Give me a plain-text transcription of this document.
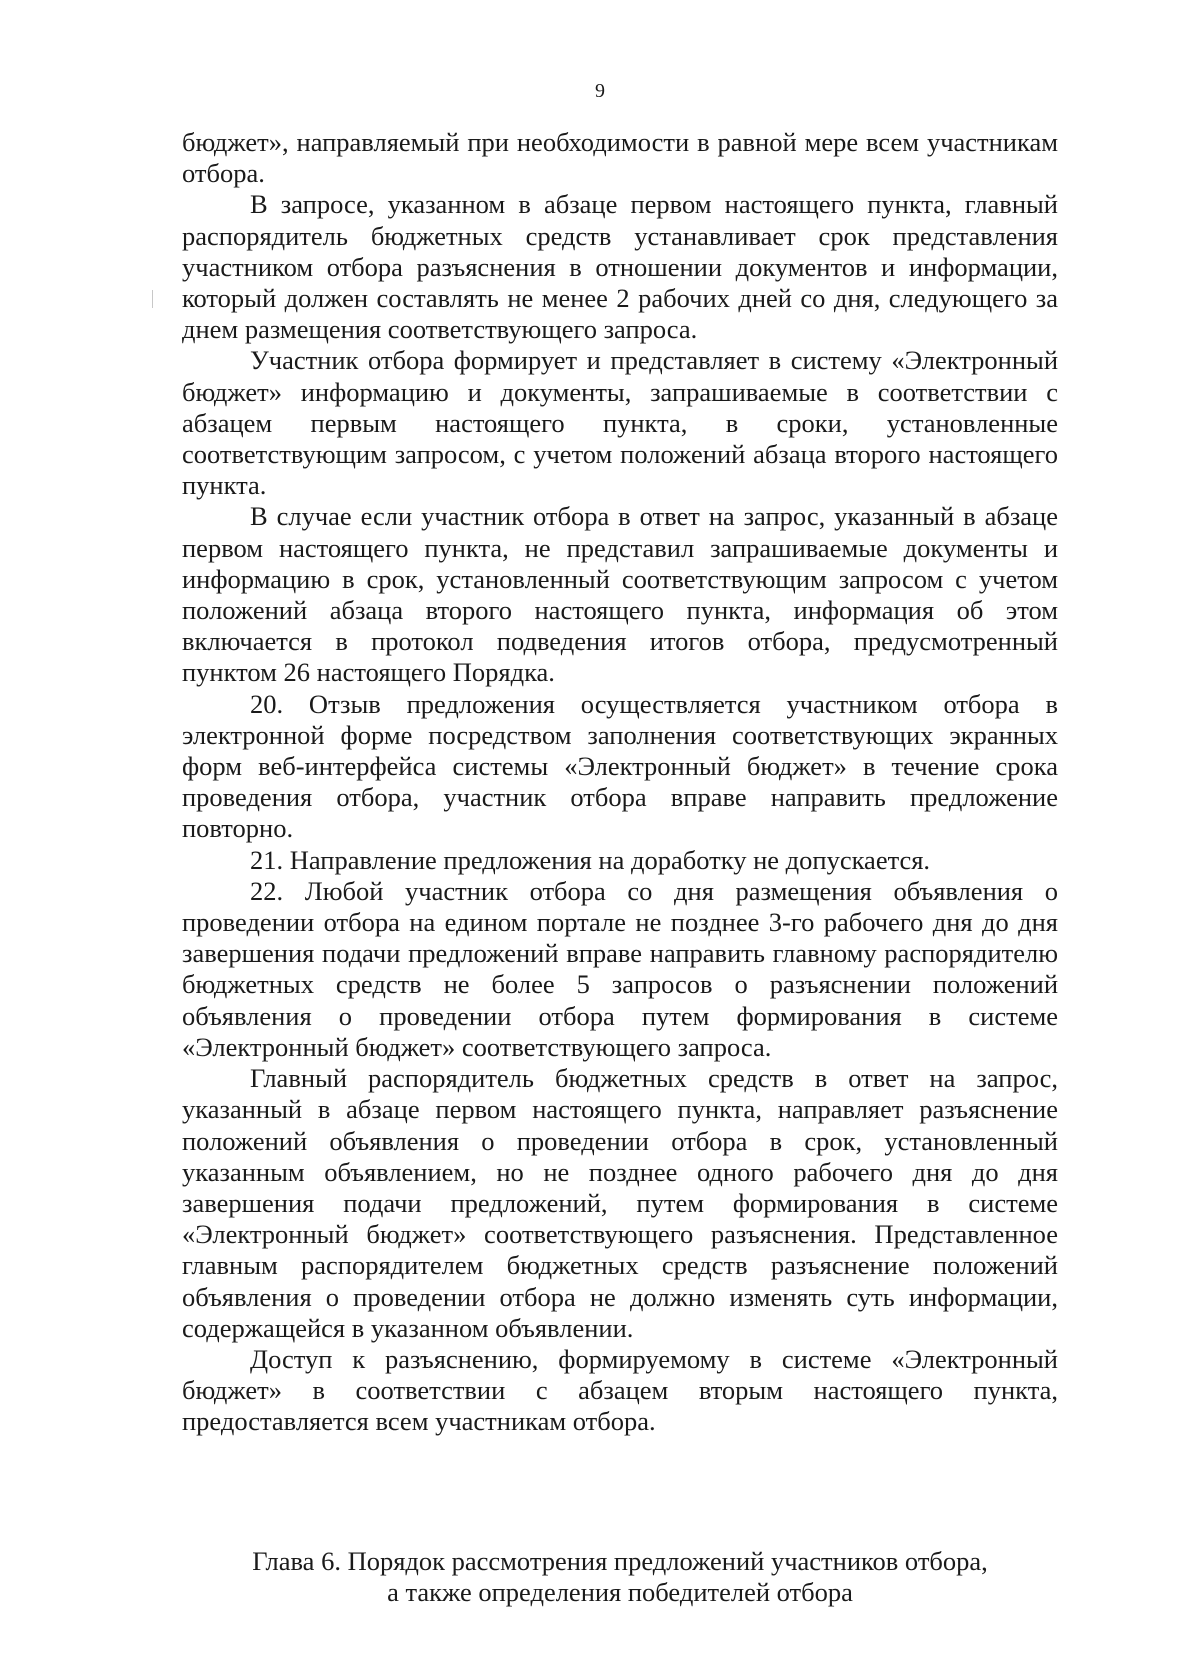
9

бюджет», направляемый при необходимости в равной мере всем участникам отбора.

В запросе, указанном в абзаце первом настоящего пункта, главный распорядитель бюджетных средств устанавливает срок представления участником отбора разъяснения в отношении документов и информации, который должен составлять не менее 2 рабочих дней со дня, следующего за днем размещения соответствующего запроса.

Участник отбора формирует и представляет в систему «Электронный бюджет» информацию и документы, запрашиваемые в соответствии с абзацем первым настоящего пункта, в сроки, установленные соответствующим запросом, с учетом положений абзаца второго настоящего пункта.

В случае если участник отбора в ответ на запрос, указанный в абзаце первом настоящего пункта, не представил запрашиваемые документы и информацию в срок, установленный соответствующим запросом с учетом положений абзаца второго настоящего пункта, информация об этом включается в протокол подведения итогов отбора, предусмотренный пунктом 26 настоящего Порядка.

20. Отзыв предложения осуществляется участником отбора в электронной форме посредством заполнения соответствующих экранных форм веб-интерфейса системы «Электронный бюджет» в течение срока проведения отбора, участник отбора вправе направить предложение повторно.

21. Направление предложения на доработку не допускается.

22. Любой участник отбора со дня размещения объявления о проведении отбора на едином портале не позднее 3-го рабочего дня до дня завершения подачи предложений вправе направить главному распорядителю бюджетных средств не более 5 запросов о разъяснении положений объявления о проведении отбора путем формирования в системе «Электронный бюджет» соответствующего запроса.

Главный распорядитель бюджетных средств в ответ на запрос, указанный в абзаце первом настоящего пункта, направляет разъяснение положений объявления о проведении отбора в срок, установленный указанным объявлением, но не позднее одного рабочего дня до дня завершения подачи предложений, путем формирования в системе «Электронный бюджет» соответствующего разъяснения. Представленное главным распорядителем бюджетных средств разъяснение положений объявления о проведении отбора не должно изменять суть информации, содержащейся в указанном объявлении.

Доступ к разъяснению, формируемому в системе «Электронный бюджет» в соответствии с абзацем вторым настоящего пункта, предоставляется всем участникам отбора.

Глава 6. Порядок рассмотрения предложений участников отбора,
а также определения победителей отбора
